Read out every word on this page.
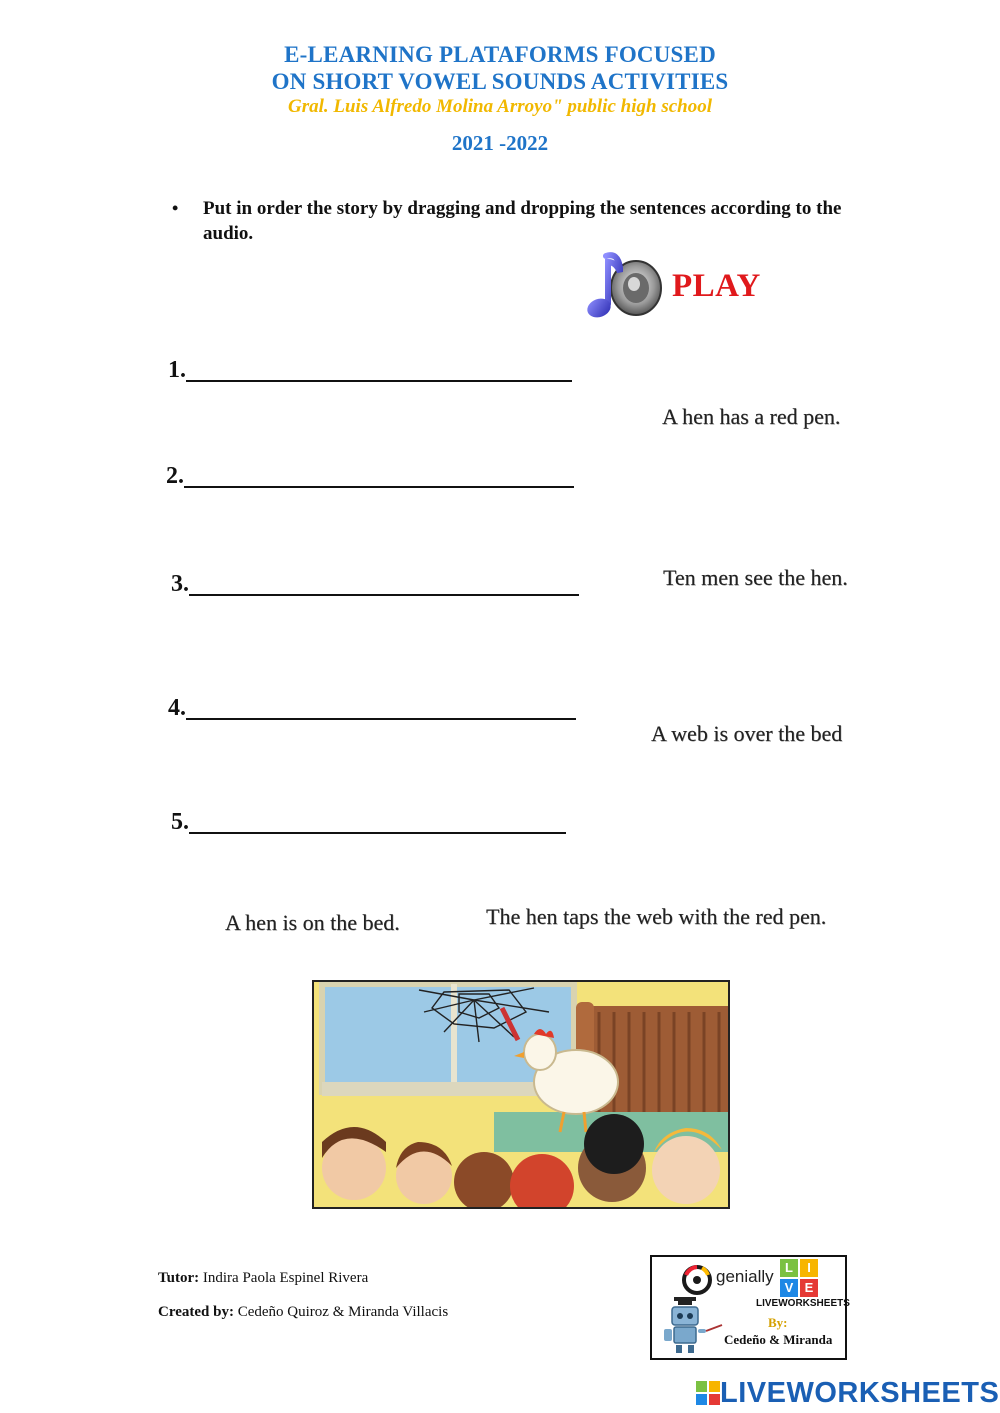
E-LEARNING PLATAFORMS FOCUSED
ON SHORT VOWEL SOUNDS ACTIVITIES
Gral. Luis Alfredo Molina Arroyo" public high school
2021 -2022
• Put in order the story by dragging and dropping the sentences according to the audio.
PLAY
1.
2.
3.
4.
5.
A hen has a red pen.
Ten men see the hen.
A web is over the bed
A hen is on the bed.	The hen taps the web with the red pen.
Tutor: Indira Paola Espinel Rivera
Created by: Cedeño Quiroz & Miranda Villacis
genially L	I
V E
LIVEWORKSHEETS
By:
Cedeño & Miranda
LIVEWORKSHEETS
